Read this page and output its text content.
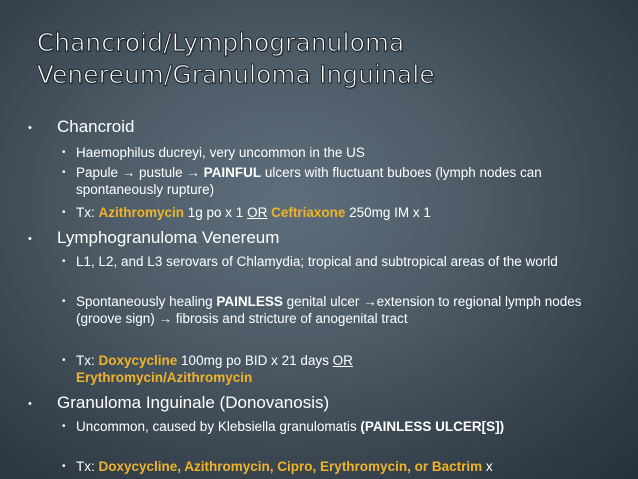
Chancroid/Lymphogranuloma
Venereum/Granuloma Inguinale
• Chancroid
• Haemophilus ducreyi, very uncommon in the US
• Papule → pustule → PAINFUL ulcers with fluctuant buboes (lymph nodes can spontaneously rupture)
• Tx: Azithromycin 1g po x 1 OR Ceftriaxone 250mg IM x 1
• Lymphogranuloma Venereum
• L1, L2, and L3 serovars of Chlamydia; tropical and subtropical areas of the world
• Spontaneously healing PAINLESS genital ulcer →extension to regional lymph nodes (groove sign) → fibrosis and stricture of anogenital tract
• Tx: Doxycycline 100mg po BID x 21 days OR
Erythromycin/Azithromycin
• Granuloma Inguinale (Donovanosis)
• Uncommon, caused by Klebsiella granulomatis (PAINLESS ULCER[S])
• Tx: Doxycycline, Azithromycin, Cipro, Erythromycin, or Bactrim x
